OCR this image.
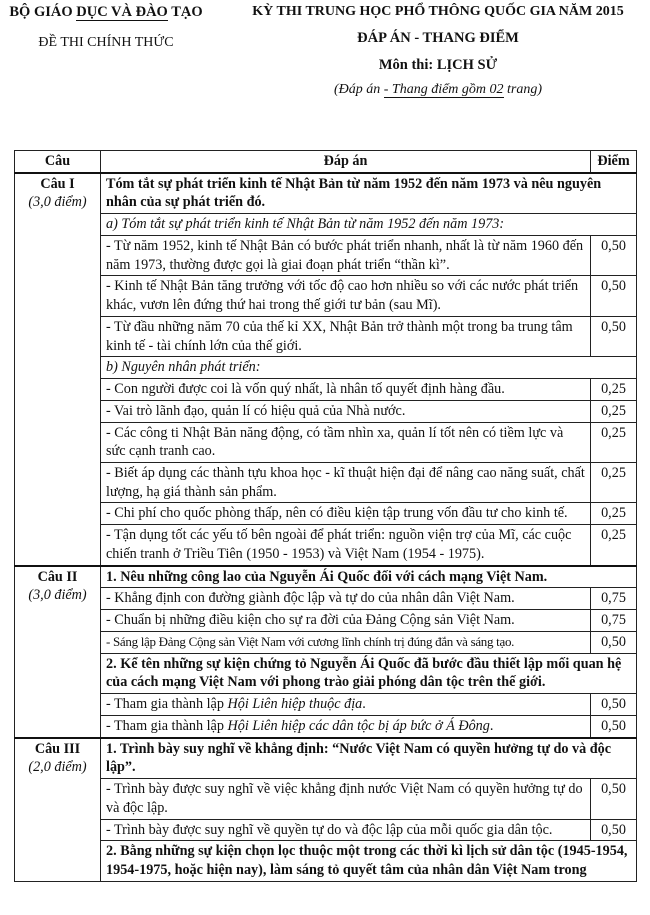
BỘ GIÁO DỤC VÀ ĐÀO TẠO
ĐỀ THI CHÍNH THỨC
KỲ THI TRUNG HỌC PHỔ THÔNG QUỐC GIA NĂM 2015
ĐÁP ÁN - THANG ĐIỂM
Môn thi: LỊCH SỬ
(Đáp án - Thang điểm gồm 02 trang)
Câu	Đáp án	Điểm

Câu I
(3,0 điểm)	Tóm tắt sự phát triển kinh tế Nhật Bản từ năm 1952 đến năm 1973 và nêu nguyên nhân của sự phát triển đó.	
	a) Tóm tắt sự phát triển kinh tế Nhật Bản từ năm 1952 đến năm 1973:	
	- Từ năm 1952, kinh tế Nhật Bản có bước phát triển nhanh, nhất là từ năm 1960 đến năm 1973, thường được gọi là giai đoạn phát triển “thần kì”.	0,50
	- Kinh tế Nhật Bản tăng trưởng với tốc độ cao hơn nhiều so với các nước phát triển khác, vươn lên đứng thứ hai trong thế giới tư bản (sau Mĩ).	0,50
	- Từ đầu những năm 70 của thế kỉ XX, Nhật Bản trở thành một trong ba trung tâm kinh tế - tài chính lớn của thế giới.	0,50
	b) Nguyên nhân phát triển:	
	- Con người được coi là vốn quý nhất, là nhân tố quyết định hàng đầu.	0,25
	- Vai trò lãnh đạo, quản lí có hiệu quả của Nhà nước.	0,25
	- Các công ti Nhật Bản năng động, có tầm nhìn xa, quản lí tốt nên có tiềm lực và sức cạnh tranh cao.	0,25
	- Biết áp dụng các thành tựu khoa học - kĩ thuật hiện đại để nâng cao năng suất, chất lượng, hạ giá thành sản phẩm.	0,25
	- Chi phí cho quốc phòng thấp, nên có điều kiện tập trung vốn đầu tư cho kinh tế.	0,25
	- Tận dụng tốt các yếu tố bên ngoài để phát triển: nguồn viện trợ của Mĩ, các cuộc chiến tranh ở Triều Tiên (1950 - 1953) và Việt Nam (1954 - 1975).	0,25

Câu II
(3,0 điểm)	1. Nêu những công lao của Nguyễn Ái Quốc đối với cách mạng Việt Nam.	
	- Khẳng định con đường giành độc lập và tự do của nhân dân Việt Nam.	0,75
	- Chuẩn bị những điều kiện cho sự ra đời của Đảng Cộng sản Việt Nam.	0,75
	- Sáng lập Đảng Cộng sản Việt Nam với cương lĩnh chính trị đúng đắn và sáng tạo.	0,50
	2. Kể tên những sự kiện chứng tỏ Nguyễn Ái Quốc đã bước đầu thiết lập mối quan hệ của cách mạng Việt Nam với phong trào giải phóng dân tộc trên thế giới.	
	- Tham gia thành lập Hội Liên hiệp thuộc địa.	0,50
	- Tham gia thành lập Hội Liên hiệp các dân tộc bị áp bức ở Á Đông.	0,50

Câu III
(2,0 điểm)	1. Trình bày suy nghĩ về khẳng định: “Nước Việt Nam có quyền hưởng tự do và độc lập”.	
	- Trình bày được suy nghĩ về việc khẳng định nước Việt Nam có quyền hưởng tự do và độc lập.	0,50
	- Trình bày được suy nghĩ về quyền tự do và độc lập của mỗi quốc gia dân tộc.	0,50
	2. Bằng những sự kiện chọn lọc thuộc một trong các thời kì lịch sử dân tộc (1945-1954, 1954-1975, hoặc hiện nay), làm sáng tỏ quyết tâm của nhân dân Việt Nam trong	
